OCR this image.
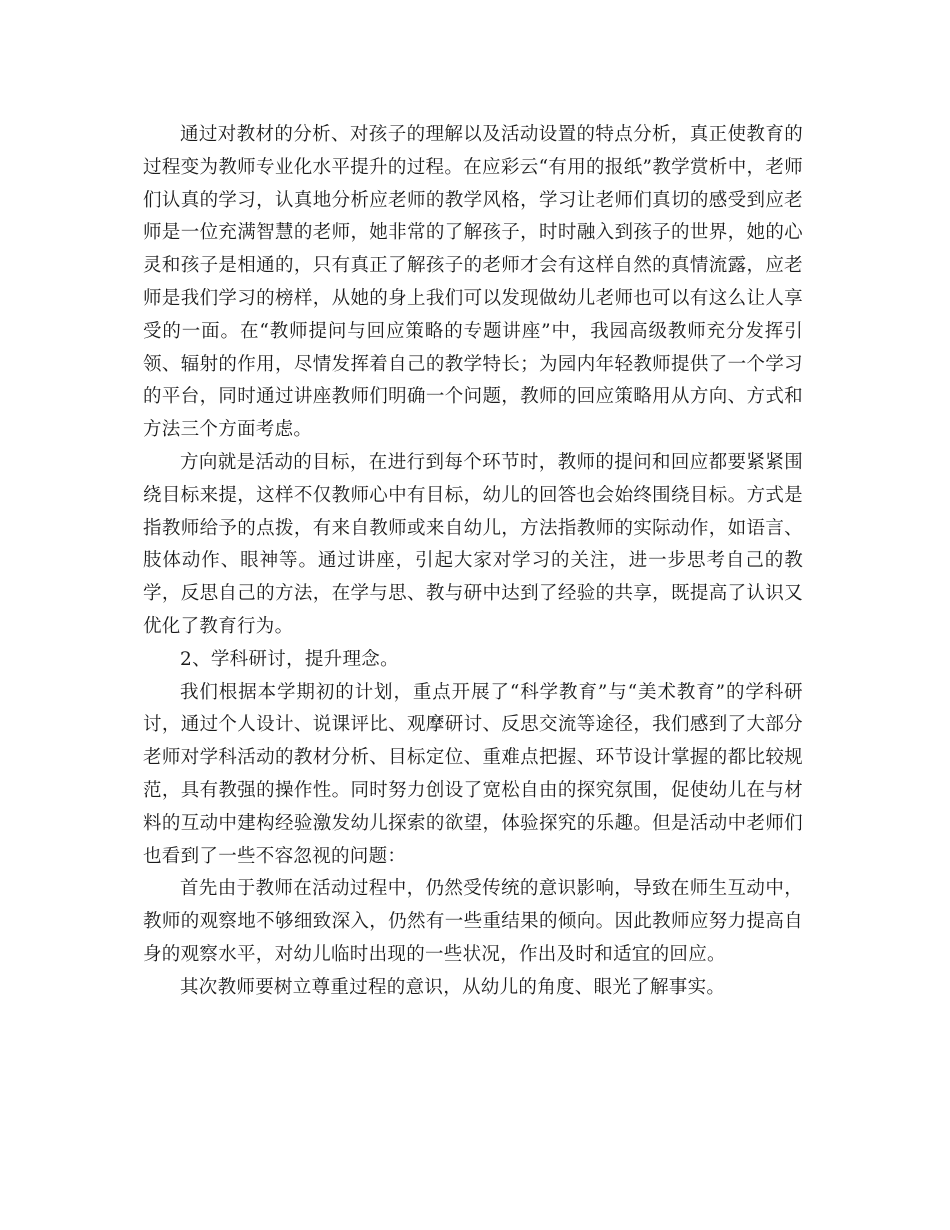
通过对教材的分析、对孩子的理解以及活动设置的特点分析，真正使教育的过程变为教师专业化水平提升的过程。在应彩云“有用的报纸”教学赏析中，老师们认真的学习，认真地分析应老师的教学风格，学习让老师们真切的感受到应老师是一位充满智慧的老师，她非常的了解孩子，时时融入到孩子的世界，她的心灵和孩子是相通的，只有真正了解孩子的老师才会有这样自然的真情流露，应老师是我们学习的榜样，从她的身上我们可以发现做幼儿老师也可以有这么让人享受的一面。在“教师提问与回应策略的专题讲座”中，我园高级教师充分发挥引领、辐射的作用，尽情发挥着自己的教学特长；为园内年轻教师提供了一个学习的平台，同时通过讲座教师们明确一个问题，教师的回应策略用从方向、方式和方法三个方面考虑。

方向就是活动的目标，在进行到每个环节时，教师的提问和回应都要紧紧围绕目标来提，这样不仅教师心中有目标，幼儿的回答也会始终围绕目标。方式是指教师给予的点拨，有来自教师或来自幼儿，方法指教师的实际动作，如语言、肢体动作、眼神等。通过讲座，引起大家对学习的关注，进一步思考自己的教学，反思自己的方法，在学与思、教与研中达到了经验的共享，既提高了认识又优化了教育行为。

2、学科研讨，提升理念。

我们根据本学期初的计划，重点开展了“科学教育”与“美术教育”的学科研讨，通过个人设计、说课评比、观摩研讨、反思交流等途径，我们感到了大部分老师对学科活动的教材分析、目标定位、重难点把握、环节设计掌握的都比较规范，具有教强的操作性。同时努力创设了宽松自由的探究氛围，促使幼儿在与材料的互动中建构经验激发幼儿探索的欲望，体验探究的乐趣。但是活动中老师们也看到了一些不容忽视的问题：

首先由于教师在活动过程中，仍然受传统的意识影响，导致在师生互动中，教师的观察地不够细致深入，仍然有一些重结果的倾向。因此教师应努力提高自身的观察水平，对幼儿临时出现的一些状况，作出及时和适宜的回应。

其次教师要树立尊重过程的意识，从幼儿的角度、眼光了解事实。
